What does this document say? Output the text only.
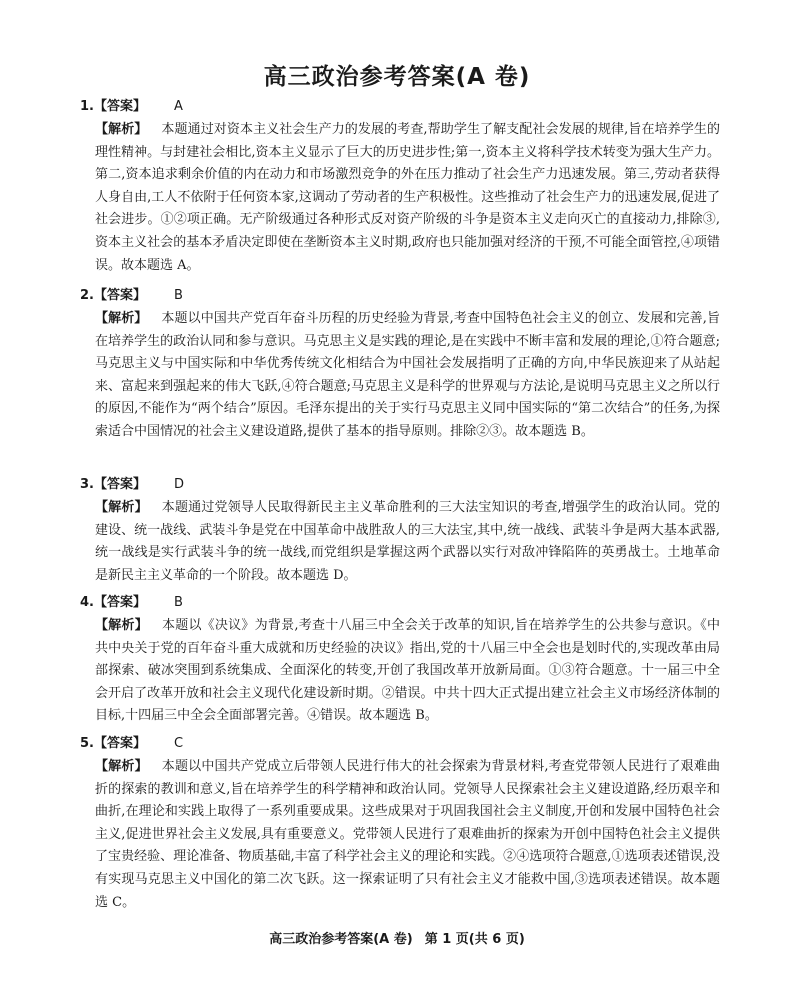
高三政治参考答案(A 卷)
1.【答案】 A
【解析】 本题通过对资本主义社会生产力的发展的考查,帮助学生了解支配社会发展的规律,旨在培养学生的理性精神。与封建社会相比,资本主义显示了巨大的历史进步性;第一,资本主义将科学技术转变为强大生产力。第二,资本追求剩余价值的内在动力和市场激烈竞争的外在压力推动了社会生产力迅速发展。第三,劳动者获得人身自由,工人不依附于任何资本家,这调动了劳动者的生产积极性。这些推动了社会生产力的迅速发展,促进了社会进步。①②项正确。无产阶级通过各种形式反对资产阶级的斗争是资本主义走向灭亡的直接动力,排除③,资本主义社会的基本矛盾决定即使在垄断资本主义时期,政府也只能加强对经济的干预,不可能全面管控,④项错误。故本题选 A。
2.【答案】 B
【解析】 本题以中国共产党百年奋斗历程的历史经验为背景,考查中国特色社会主义的创立、发展和完善,旨在培养学生的政治认同和参与意识。马克思主义是实践的理论,是在实践中不断丰富和发展的理论,①符合题意;马克思主义与中国实际和中华优秀传统文化相结合为中国社会发展指明了正确的方向,中华民族迎来了从站起来、富起来到强起来的伟大飞跃,④符合题意;马克思主义是科学的世界观与方法论,是说明马克思主义之所以行的原因,不能作为“两个结合”原因。毛泽东提出的关于实行马克思主义同中国实际的“第二次结合”的任务,为探索适合中国情况的社会主义建设道路,提供了基本的指导原则。排除②③。故本题选 B。
3.【答案】 D
【解析】 本题通过党领导人民取得新民主主义革命胜利的三大法宝知识的考查,增强学生的政治认同。党的建设、统一战线、武装斗争是党在中国革命中战胜敌人的三大法宝,其中,统一战线、武装斗争是两大基本武器,统一战线是实行武装斗争的统一战线,而党组织是掌握这两个武器以实行对敌冲锋陷阵的英勇战士。土地革命是新民主主义革命的一个阶段。故本题选 D。
4.【答案】 B
【解析】 本题以《决议》为背景,考查十八届三中全会关于改革的知识,旨在培养学生的公共参与意识。《中共中央关于党的百年奋斗重大成就和历史经验的决议》指出,党的十八届三中全会也是划时代的,实现改革由局部探索、破冰突围到系统集成、全面深化的转变,开创了我国改革开放新局面。①③符合题意。十一届三中全会开启了改革开放和社会主义现代化建设新时期。②错误。中共十四大正式提出建立社会主义市场经济体制的目标,十四届三中全会全面部署完善。④错误。故本题选 B。
5.【答案】 C
【解析】 本题以中国共产党成立后带领人民进行伟大的社会探索为背景材料,考查党带领人民进行了艰难曲折的探索的教训和意义,旨在培养学生的科学精神和政治认同。党领导人民探索社会主义建设道路,经历艰辛和曲折,在理论和实践上取得了一系列重要成果。这些成果对于巩固我国社会主义制度,开创和发展中国特色社会主义,促进世界社会主义发展,具有重要意义。党带领人民进行了艰难曲折的探索为开创中国特色社会主义提供了宝贵经验、理论准备、物质基础,丰富了科学社会主义的理论和实践。②④选项符合题意,①选项表述错误,没有实现马克思主义中国化的第二次飞跃。这一探索证明了只有社会主义才能救中国,③选项表述错误。故本题选 C。
高三政治参考答案(A 卷) 第 1 页(共 6 页)
